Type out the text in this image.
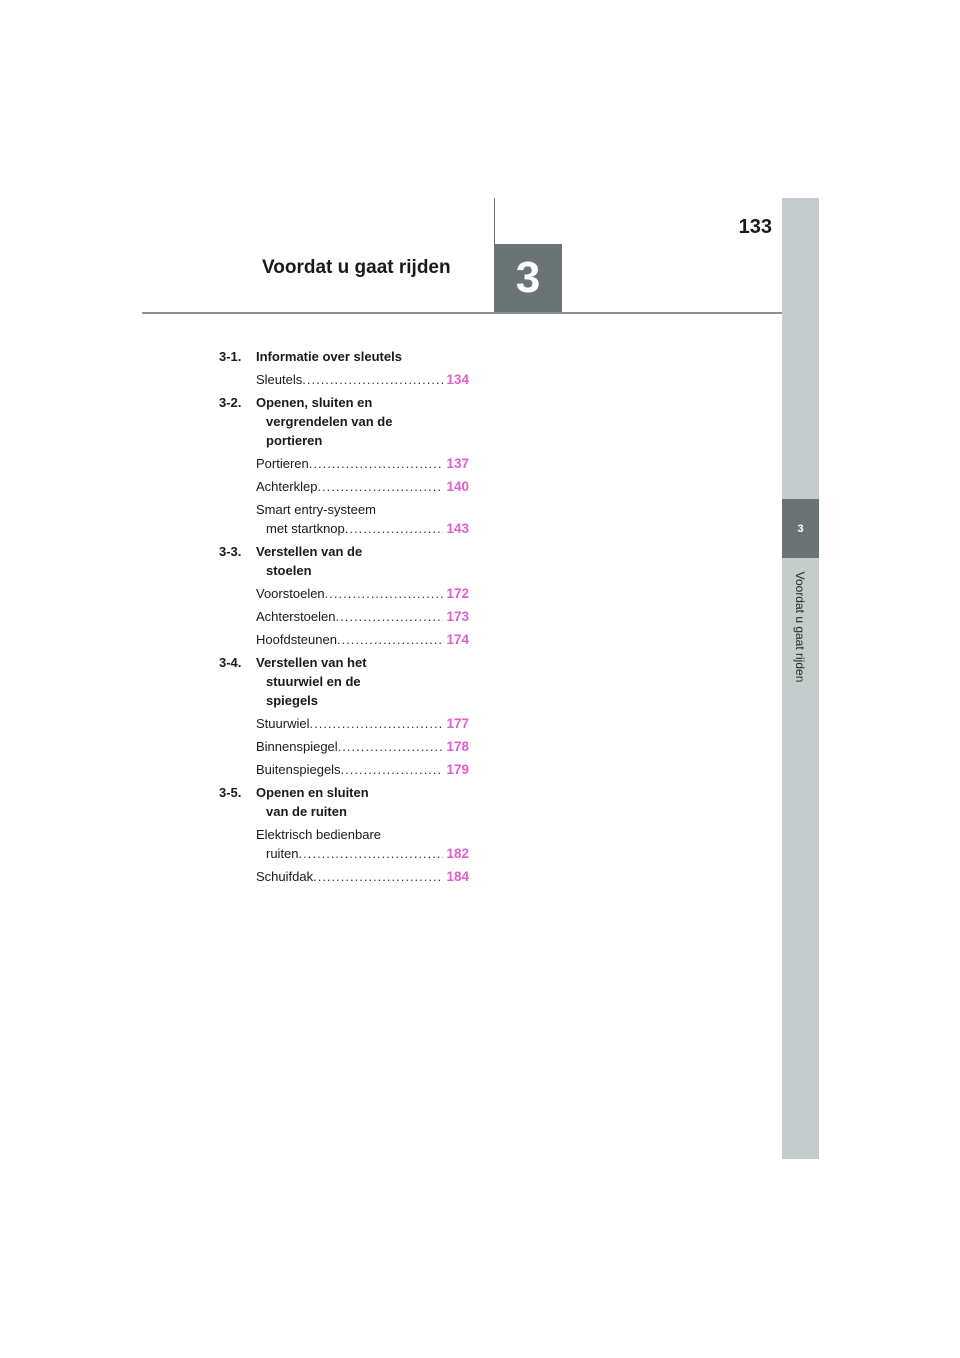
3
Voordat u gaat rijden
3
133
Voordat u gaat rijden
3-1. Informatie over sleutels
Sleutels .....	134
3-2. Openen, sluiten en
vergrendelen van de
portieren
Portieren .....	137
Achterklep .....	140
Smart entry-systeem
met startknop .....	143
3-3. Verstellen van de
stoelen
Voorstoelen .....	172
Achterstoelen .....	173
Hoofdsteunen .....	174
3-4. Verstellen van het
stuurwiel en de
spiegels
Stuurwiel .....	177
Binnenspiegel .....	178
Buitenspiegels .....	179
3-5. Openen en sluiten
van de ruiten
Elektrisch bedienbare
ruiten .....	182
Schuifdak .....	184
